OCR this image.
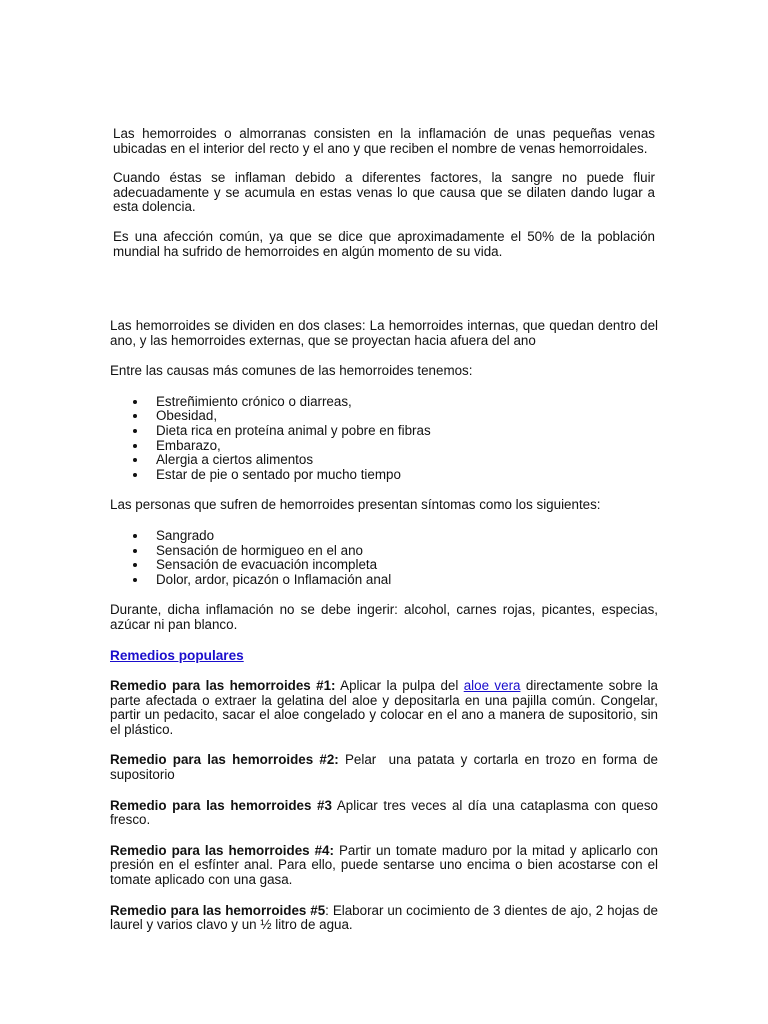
Las hemorroides o almorranas consisten en la inflamación de unas pequeñas venas ubicadas en el interior del recto y el ano y que reciben el nombre de venas hemorroidales.

Cuando éstas se inflaman debido a diferentes factores, la sangre no puede fluir adecuadamente y se acumula en estas venas lo que causa que se dilaten dando lugar a esta dolencia.

Es una afección común, ya que se dice que aproximadamente el 50% de la población mundial ha sufrido de hemorroides en algún momento de su vida.

Las hemorroides se dividen en dos clases: La hemorroides internas, que quedan dentro del ano, y las hemorroides externas, que se proyectan hacia afuera del ano

Entre las causas más comunes de las hemorroides tenemos:

Estreñimiento crónico o diarreas,
Obesidad,
Dieta rica en proteína animal y pobre en fibras
Embarazo,
Alergia a ciertos alimentos
Estar de pie o sentado por mucho tiempo

Las personas que sufren de hemorroides presentan síntomas como los siguientes:

Sangrado
Sensación de hormigueo en el ano
Sensación de evacuación incompleta
Dolor, ardor, picazón o Inflamación anal

Durante, dicha inflamación no se debe ingerir: alcohol, carnes rojas, picantes, especias, azúcar ni pan blanco.

Remedios populares

Remedio para las hemorroides #1: Aplicar la pulpa del aloe vera directamente sobre la parte afectada o extraer la gelatina del aloe y depositarla en una pajilla común. Congelar, partir un pedacito, sacar el aloe congelado y colocar en el ano a manera de supositorio, sin el plástico.

Remedio para las hemorroides #2: Pelar  una patata y cortarla en trozo en forma de supositorio

Remedio para las hemorroides #3 Aplicar tres veces al día una cataplasma con queso fresco.

Remedio para las hemorroides #4: Partir un tomate maduro por la mitad y aplicarlo con presión en el esfínter anal. Para ello, puede sentarse uno encima o bien acostarse con el tomate aplicado con una gasa.

Remedio para las hemorroides #5: Elaborar un cocimiento de 3 dientes de ajo, 2 hojas de laurel y varios clavo y un ½ litro de agua.
